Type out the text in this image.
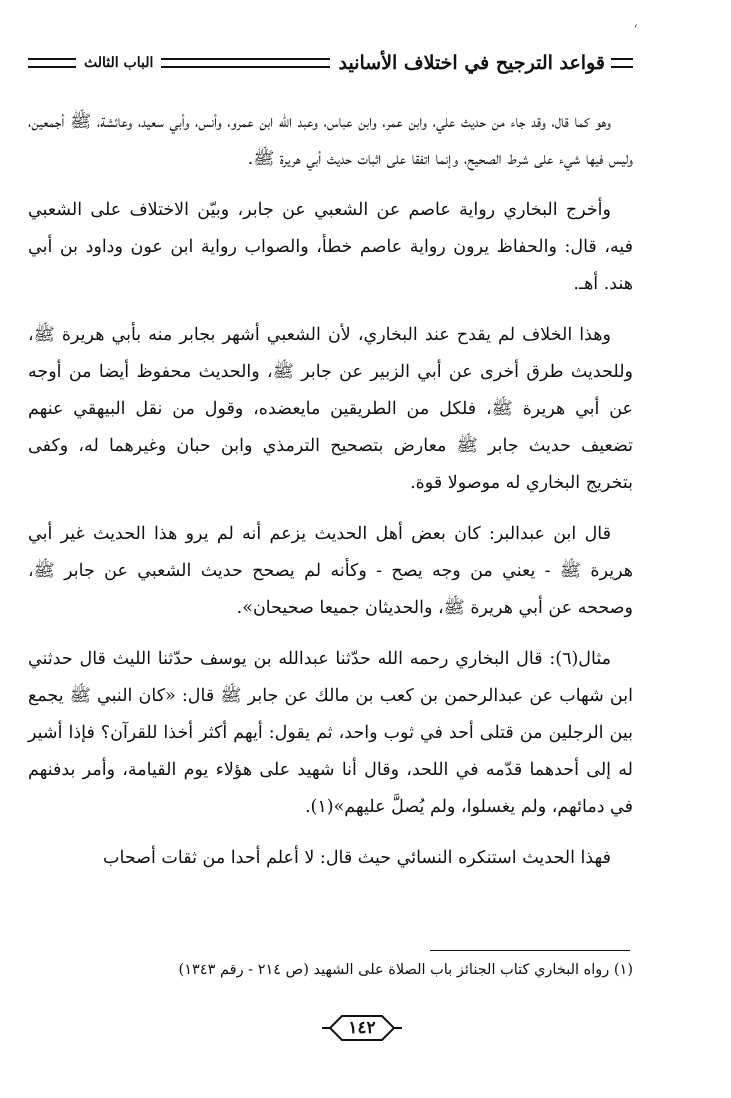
׳
قواعد الترجيح في اختلاف الأسانيد
الباب الثالث

وهو كما قال، وقد جاء من حديث علي، وابن عمر، وابن عباس، وعبد الله ابن عمرو، وأنس، وأبي سعيد، وعائشة، ﷺ أجمعين، وليس فيها شيء على شرط الصحيح، وإنما اتفقا على اثبات حديث أبي هريرة ﷺ.

وأخرج البخاري رواية عاصم عن الشعبي عن جابر، وبيّن الاختلاف على الشعبي فيه، قال: والحفاظ يرون رواية عاصم خطأ، والصواب رواية ابن عون وداود بن أبي هند. أهـ.

وهذا الخلاف لم يقدح عند البخاري، لأن الشعبي أشهر بجابر منه بأبي هريرة ﷺ، وللحديث طرق أخرى عن أبي الزبير عن جابر ﷺ، والحديث محفوظ أيضا من أوجه عن أبي هريرة ﷺ، فلكل من الطريقين مايعضده، وقول من نقل البيهقي عنهم تضعيف حديث جابر ﷺ معارض بتصحيح الترمذي وابن حبان وغيرهما له، وكفى بتخريج البخاري له موصولا قوة.

قال ابن عبدالبر: كان بعض أهل الحديث يزعم أنه لم يرو هذا الحديث غير أبي هريرة ﷺ - يعني من وجه يصح - وكأنه لم يصحح حديث الشعبي عن جابر ﷺ، وصححه عن أبي هريرة ﷺ، والحديثان جميعا صحيحان».

مثال(٦): قال البخاري رحمه الله حدّثنا عبدالله بن يوسف حدّثنا الليث قال حدثني ابن شهاب عن عبدالرحمن بن كعب بن مالك عن جابر ﷺ قال: «كان النبي ﷺ يجمع بين الرجلين من قتلى أحد في ثوب واحد، ثم يقول: أيهم أكثر أخذا للقرآن؟ فإذا أشير له إلى أحدهما قدّمه في اللحد، وقال أنا شهيد على هؤلاء يوم القيامة، وأمر بدفنهم في دمائهم، ولم يغسلوا، ولم يُصلَّ عليهم»(١).

فهذا الحديث استنكره النسائي حيث قال: لا أعلم أحدا من ثقات أصحاب

(١) رواه البخاري كتاب الجنائز باب الصلاة على الشهيد (ص ٢١٤ - رقم ١٣٤٣)
١٤٢
